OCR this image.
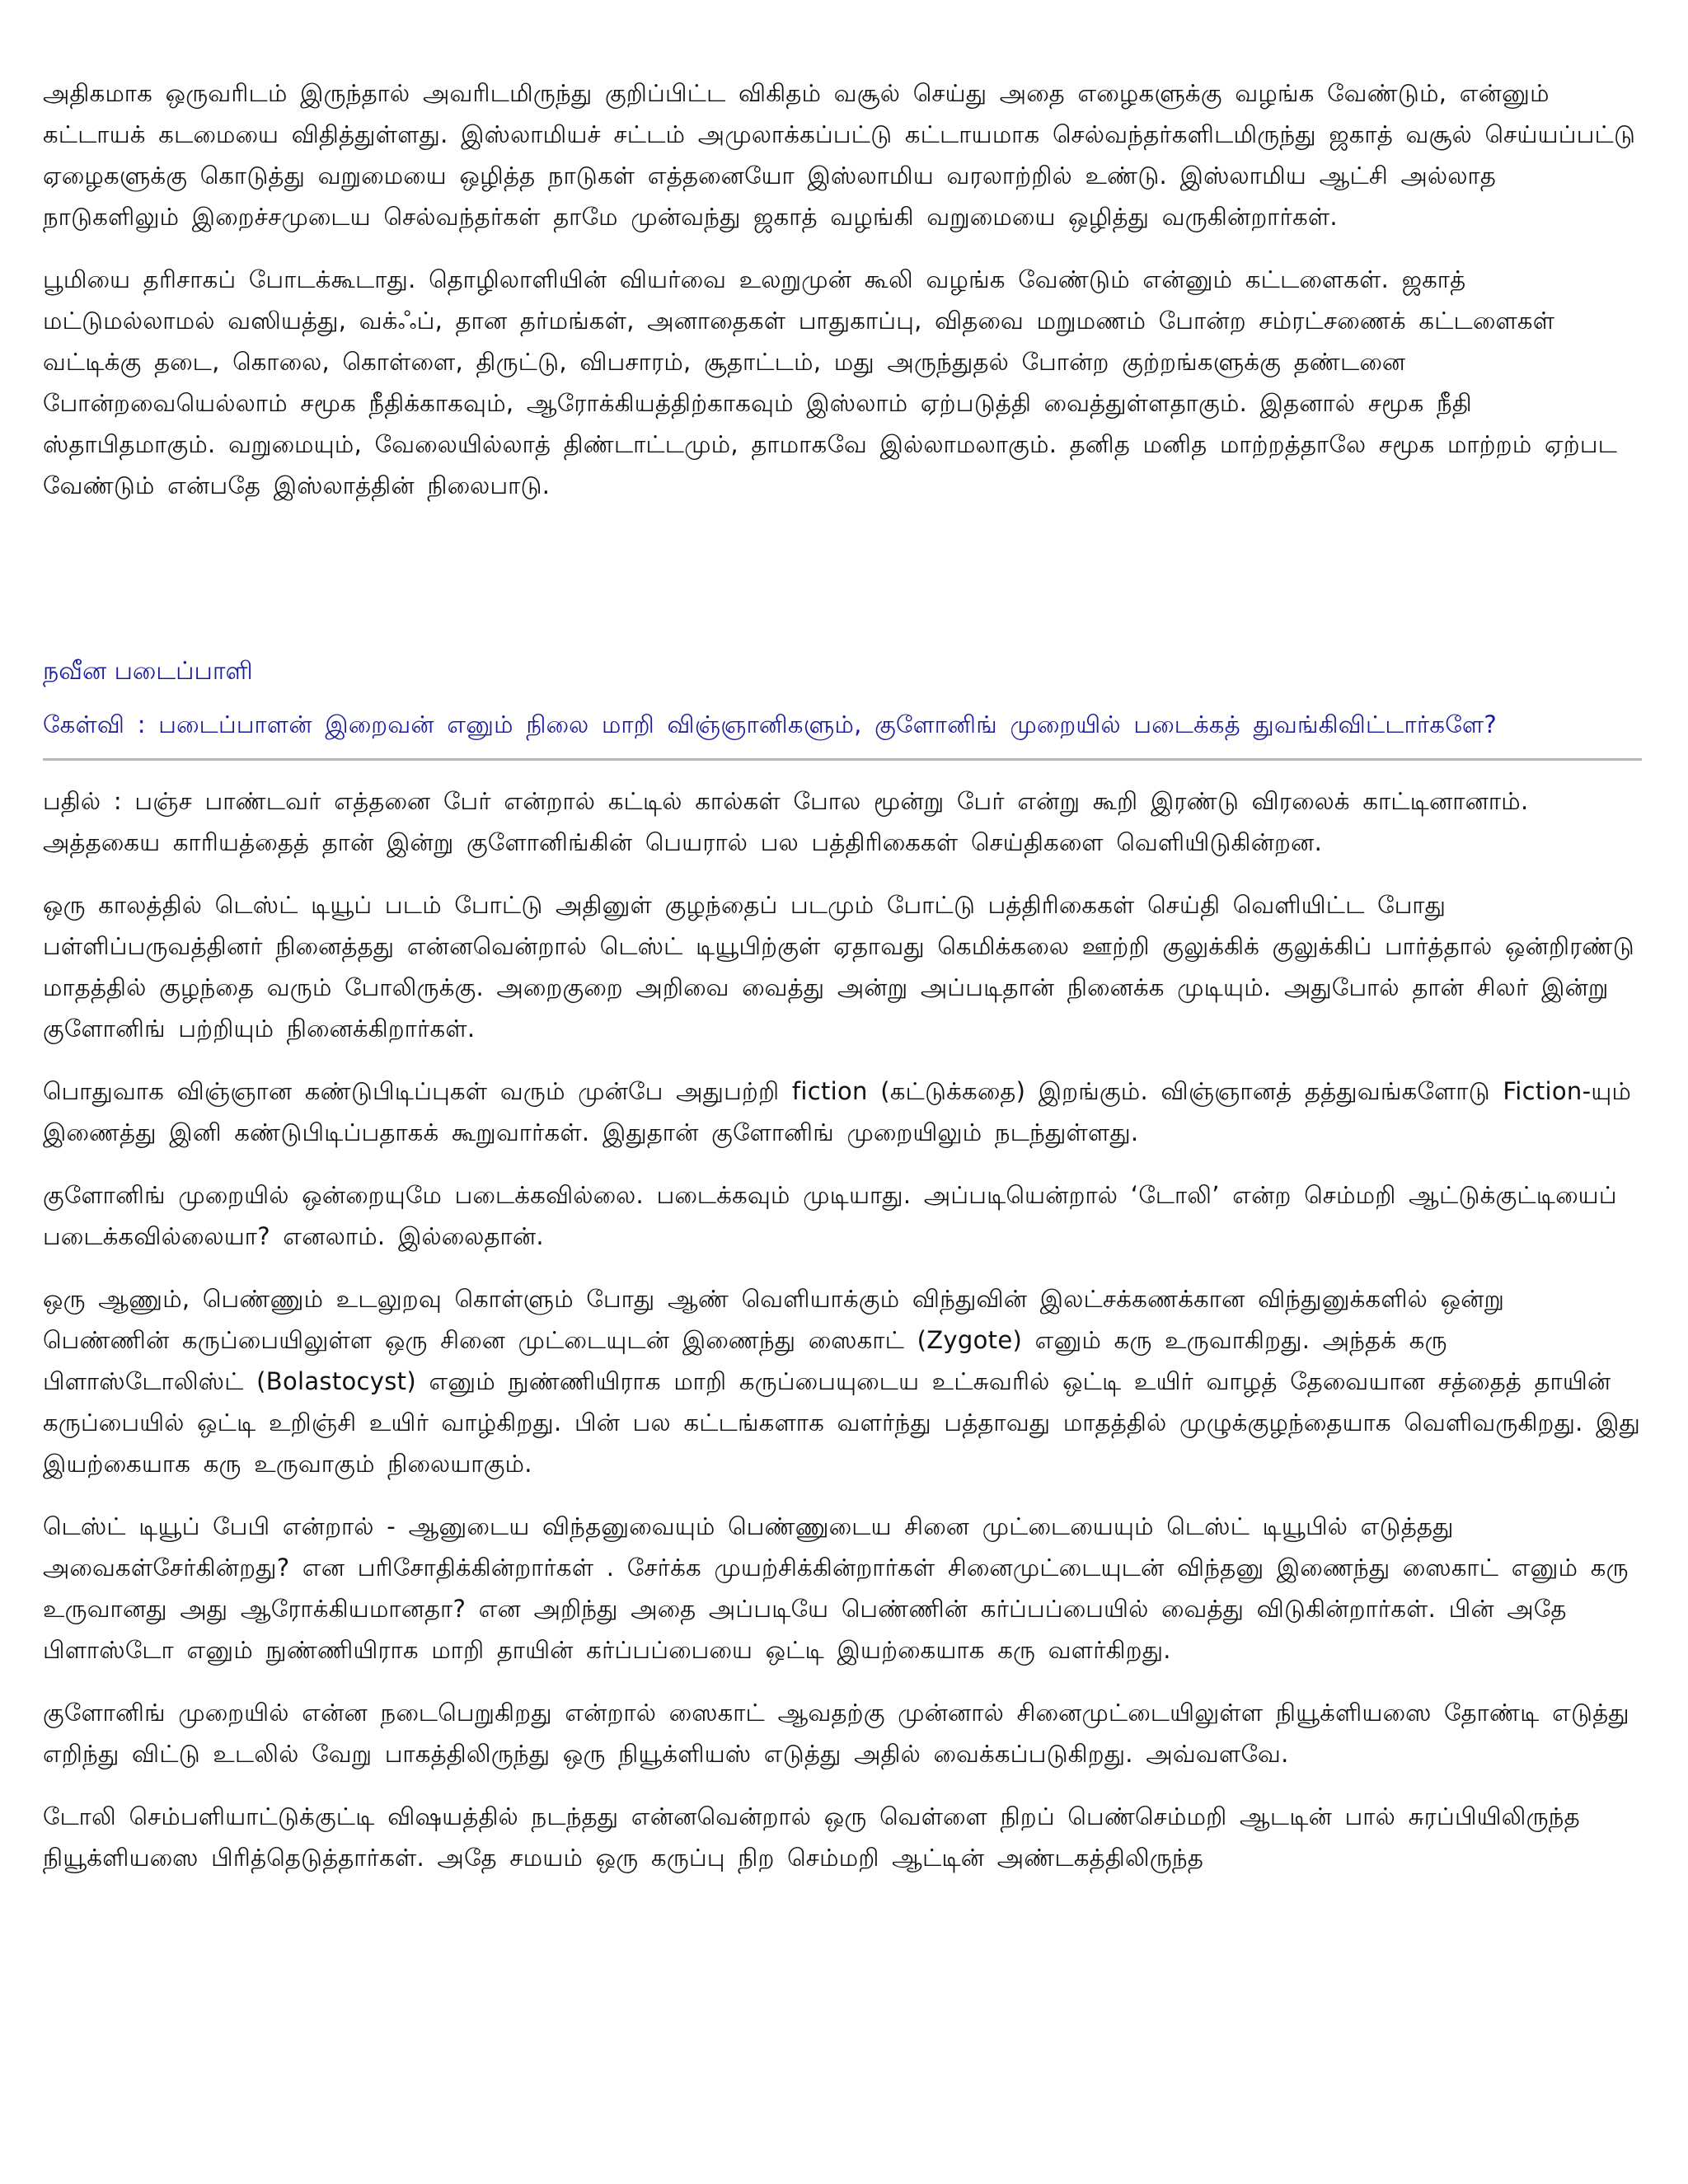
அதிகமாக ஒருவரிடம் இருந்தால் அவரிடமிருந்து குறிப்பிட்ட விகிதம் வசூல் செய்து அதை எழைகளுக்கு வழங்க வேண்டும், என்னும் கட்டாயக் கடமையை விதித்துள்ளது. இஸ்லாமியச் சட்டம் அமுலாக்கப்பட்டு கட்டாயமாக செல்வந்தர்களிடமிருந்து ஜகாத் வசூல் செய்யப்பட்டு ஏழைகளுக்கு கொடுத்து வறுமையை ஒழித்த நாடுகள் எத்தனையோ இஸ்லாமிய வரலாற்றில் உண்டு. இஸ்லாமிய ஆட்சி அல்லாத நாடுகளிலும் இறைச்சமுடைய செல்வந்தர்கள் தாமே முன்வந்து ஜகாத் வழங்கி வறுமையை ஒழித்து வருகின்றார்கள்.

பூமியை தரிசாகப் போடக்கூடாது. தொழிலாளியின் வியர்வை உலறுமுன் கூலி வழங்க வேண்டும் என்னும் கட்டளைகள். ஜகாத் மட்டுமல்லாமல் வஸியத்து, வக்ஃப், தான தர்மங்கள், அனாதைகள் பாதுகாப்பு, விதவை மறுமணம் போன்ற சம்ரட்சணைக் கட்டளைகள் வட்டிக்கு தடை, கொலை, கொள்ளை, திருட்டு, விபசாரம், சூதாட்டம், மது அருந்துதல் போன்ற குற்றங்களுக்கு தண்டனை போன்றவையெல்லாம் சமூக நீதிக்காகவும், ஆரோக்கியத்திற்காகவும் இஸ்லாம் ஏற்படுத்தி வைத்துள்ளதாகும். இதனால் சமூக நீதி ஸ்தாபிதமாகும். வறுமையும், வேலையில்லாத் திண்டாட்டமும், தாமாகவே இல்லாமலாகும். தனித மனித மாற்றத்தாலே சமூக மாற்றம் ஏற்பட வேண்டும் என்பதே இஸ்லாத்தின் நிலைபாடு.

நவீன படைப்பாளி
கேள்வி : படைப்பாளன் இறைவன் எனும் நிலை மாறி விஞ்ஞானிகளும், குளோனிங் முறையில் படைக்கத் துவங்கிவிட்டார்களே?

பதில் : பஞ்ச பாண்டவர் எத்தனை பேர் என்றால் கட்டில் கால்கள் போல மூன்று பேர் என்று கூறி இரண்டு விரலைக் காட்டினானாம். அத்தகைய காரியத்தைத் தான் இன்று குளோனிங்கின் பெயரால் பல பத்திரிகைகள் செய்திகளை வெளியிடுகின்றன.

ஒரு காலத்தில் டெஸ்ட் டியூப் படம் போட்டு அதினுள் குழந்தைப் படமும் போட்டு பத்திரிகைகள் செய்தி வெளியிட்ட போது பள்ளிப்பருவத்தினர் நினைத்தது என்னவென்றால் டெஸ்ட் டியூபிற்குள் ஏதாவது கெமிக்கலை ஊற்றி குலுக்கிக் குலுக்கிப் பார்த்தால் ஒன்றிரண்டு மாதத்தில் குழந்தை வரும் போலிருக்கு. அறைகுறை அறிவை வைத்து அன்று அப்படிதான் நினைக்க முடியும். அதுபோல் தான் சிலர் இன்று குளோனிங் பற்றியும் நினைக்கிறார்கள்.

பொதுவாக விஞ்ஞான கண்டுபிடிப்புகள் வரும் முன்பே அதுபற்றி fiction (கட்டுக்கதை) இறங்கும். விஞ்ஞானத் தத்துவங்களோடு Fiction-யும் இணைத்து இனி கண்டுபிடிப்பதாகக் கூறுவார்கள். இதுதான் குளோனிங் முறையிலும் நடந்துள்ளது.

குளோனிங் முறையில் ஒன்றையுமே படைக்கவில்லை. படைக்கவும் முடியாது. அப்படியென்றால் ‘டோலி’ என்ற செம்மறி ஆட்டுக்குட்டியைப் படைக்கவில்லையா? எனலாம். இல்லைதான்.

ஒரு ஆணும், பெண்ணும் உடலுறவு கொள்ளும் போது ஆண் வெளியாக்கும் விந்துவின் இலட்சக்கணக்கான விந்துனுக்களில் ஒன்று பெண்ணின் கருப்பையிலுள்ள ஒரு சினை முட்டையுடன் இணைந்து ஸைகாட் (Zygote) எனும் கரு உருவாகிறது. அந்தக் கரு பிளாஸ்டோலிஸ்ட் (Bolastocyst) எனும் நுண்ணியிராக மாறி கருப்பையுடைய உட்சுவரில் ஒட்டி உயிர் வாழத் தேவையான சத்தைத் தாயின் கருப்பையில் ஒட்டி உறிஞ்சி உயிர் வாழ்கிறது. பின் பல கட்டங்களாக வளர்ந்து பத்தாவது மாதத்தில் முழுக்குழந்தையாக வெளிவருகிறது. இது இயற்கையாக கரு உருவாகும் நிலையாகும்.

டெஸ்ட் டியூப் பேபி என்றால் - ஆனுடைய விந்தனுவையும் பெண்ணுடைய சினை முட்டையையும் டெஸ்ட் டியூபில் எடுத்தது அவைகள்சேர்கின்றது? என பரிசோதிக்கின்றார்கள் . சேர்க்க முயற்சிக்கின்றார்கள் சினைமுட்டையுடன் விந்தனு இணைந்து ஸைகாட் எனும் கரு உருவானது அது ஆரோக்கியமானதா? என அறிந்து அதை அப்படியே பெண்ணின் கர்ப்பப்பையில் வைத்து விடுகின்றார்கள். பின் அதே பிளாஸ்டோ எனும் நுண்ணியிராக மாறி தாயின் கர்ப்பப்பையை ஒட்டி இயற்கையாக கரு வளர்கிறது.

குளோனிங் முறையில் என்ன நடைபெறுகிறது என்றால் ஸைகாட் ஆவதற்கு முன்னால் சினைமுட்டையிலுள்ள நியூக்ளியஸை தோண்டி எடுத்து எறிந்து விட்டு உடலில் வேறு பாகத்திலிருந்து ஒரு நியூக்ளியஸ் எடுத்து அதில் வைக்கப்படுகிறது. அவ்வளவே.

டோலி செம்பளியாட்டுக்குட்டி விஷயத்தில் நடந்தது என்னவென்றால் ஒரு வெள்ளை நிறப் பெண்செம்மறி ஆடடின் பால் சுரப்பியிலிருந்த நியூக்ளியஸை பிரித்தெடுத்தார்கள். அதே சமயம் ஒரு கருப்பு நிற செம்மறி ஆட்டின் அண்டகத்திலிருந்த
